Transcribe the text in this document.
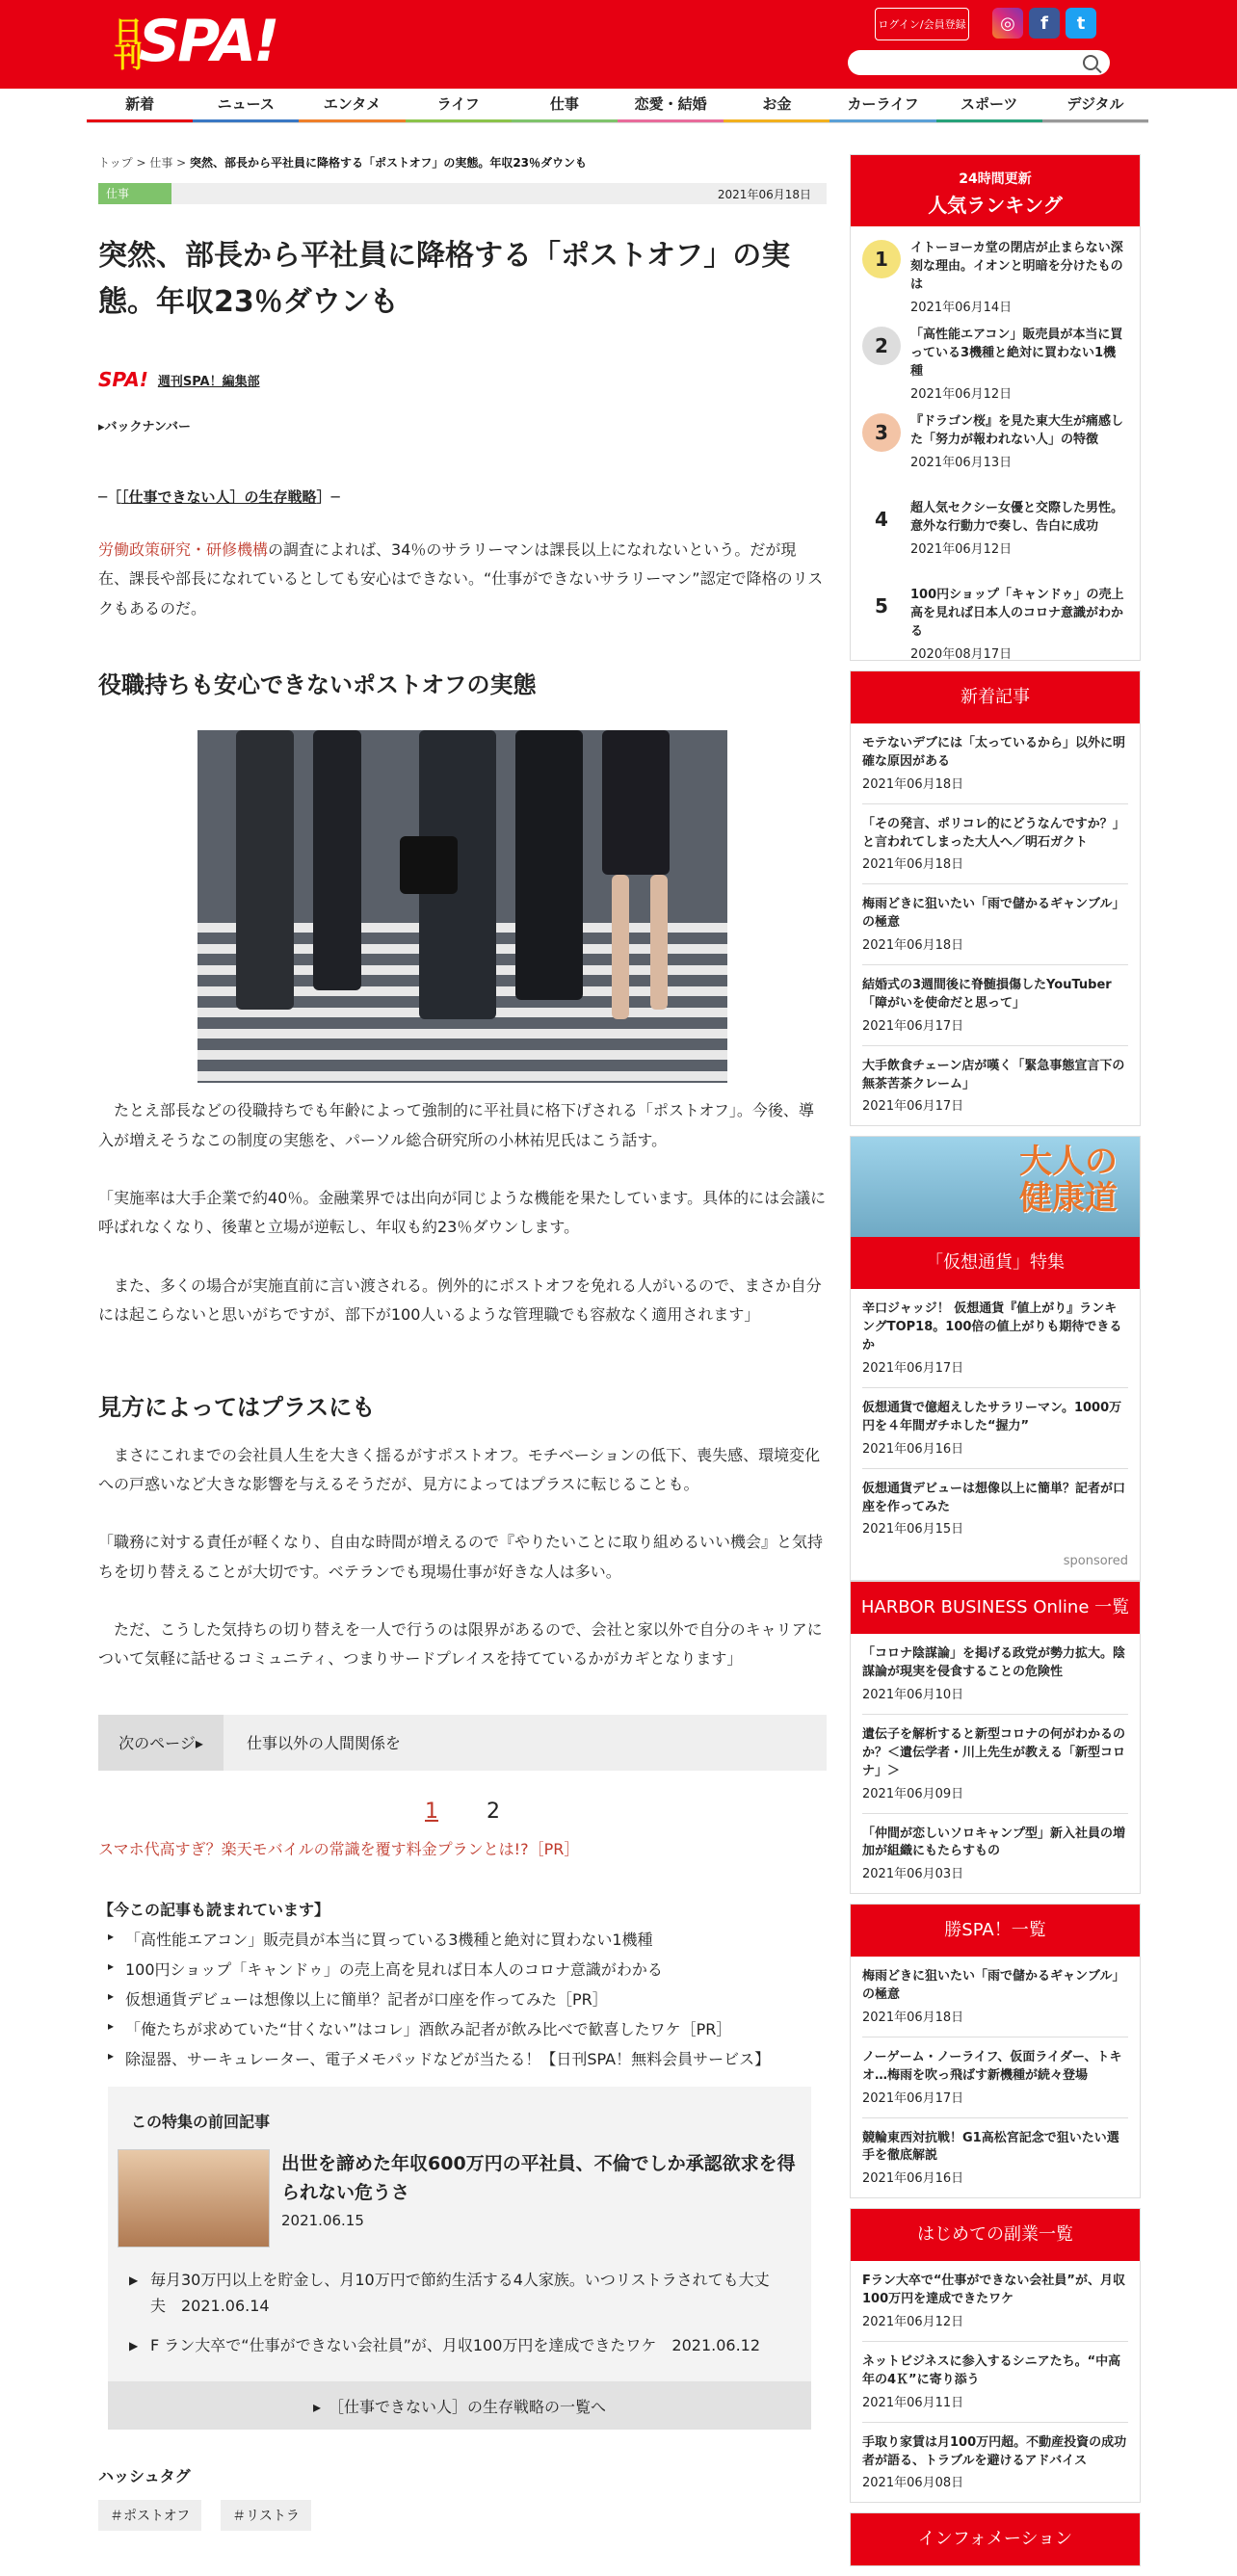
日刊
SPA!	ログイン/会員登録	◎	f	t
新着	ニュース	エンタメ	ライフ	仕事	恋愛・結婚	お金	カーライフ	スポーツ	デジタル
トップ > 仕事 > 突然、部長から平社員に降格する「ポストオフ」の実態。年収23％ダウンも
仕事	2021年06月18日
突然、部長から平社員に降格する「ポストオフ」の実態。年収23％ダウンも
SPA! 週刊SPA！編集部
▸バックナンバー
─［［仕事できない人］の生存戦略］─

労働政策研究・研修機構の調査によれば、34％のサラリーマンは課長以上になれないという。だが現在、課長や部長になれているとしても安心はできない。“仕事ができないサラリーマン”認定で降格のリスクもあるのだ。

役職持ちも安心できないポストオフの実態

　たとえ部長などの役職持ちでも年齢によって強制的に平社員に格下げされる「ポストオフ」。今後、導入が増えそうなこの制度の実態を、パーソル総合研究所の小林祐児氏はこう話す。

「実施率は大手企業で約40％。金融業界では出向が同じような機能を果たしています。具体的には会議に呼ばれなくなり、後輩と立場が逆転し、年収も約23％ダウンします。

　また、多くの場合が実施直前に言い渡される。例外的にポストオフを免れる人がいるので、まさか自分には起こらないと思いがちですが、部下が100人いるような管理職でも容赦なく適用されます」

見方によってはプラスにも

　まさにこれまでの会社員人生を大きく揺るがすポストオフ。モチベーションの低下、喪失感、環境変化への戸惑いなど大きな影響を与えるそうだが、見方によってはプラスに転じることも。

「職務に対する責任が軽くなり、自由な時間が増えるので『やりたいことに取り組めるいい機会』と気持ちを切り替えることが大切です。ベテランでも現場仕事が好きな人は多い。

　ただ、こうした気持ちの切り替えを一人で行うのは限界があるので、会社と家以外で自分のキャリアについて気軽に話せるコミュニティ、つまりサードプレイスを持てているかがカギとなります」

次のページ▸	仕事以外の人間関係を
1 2
スマホ代高すぎ？楽天モバイルの常識を覆す料金プランとは!?［PR］
【今この記事も読まれています】
▸ 「高性能エアコン」販売員が本当に買っている3機種と絶対に買わない1機種
▸ 100円ショップ「キャンドゥ」の売上高を見れば日本人のコロナ意識がわかる
▸ 仮想通貨デビューは想像以上に簡単？記者が口座を作ってみた［PR］
▸ 「俺たちが求めていた“甘くない”はコレ」酒飲み記者が飲み比べで歓喜したワケ［PR］
▸ 除湿器、サーキュレーター、電子メモパッドなどが当たる！【日刊SPA！無料会員サービス】
この特集の前回記事
出世を諦めた年収600万円の平社員、不倫でしか承認欲求を得られない危うさ
2021.06.15
▶ 毎月30万円以上を貯金し、月10万円で節約生活する4人家族。いつリストラされても大丈夫　2021.06.14
▶ F ラン大卒で“仕事ができない会社員”が、月収100万円を達成できたワケ　2021.06.12
▸　［仕事できない人］の生存戦略の一覧へ
ハッシュタグ
＃ポストオフ	＃リストラ
24時間更新
人気ランキング
1	イトーヨーカ堂の閉店が止まらない深刻な理由。イオンと明暗を分けたものは
2021年06月14日
2	「高性能エアコン」販売員が本当に買っている3機種と絶対に買わない1機種
2021年06月12日
3	『ドラゴン桜』を見た東大生が痛感した「努力が報われない人」の特徴
2021年06月13日
4	超人気セクシー女優と交際した男性。意外な行動力で奏し、告白に成功
2021年06月12日
5	100円ショップ「キャンドゥ」の売上高を見れば日本人のコロナ意識がわかる
2020年08月17日
新着記事
モテないデブには「太っているから」以外に明確な原因がある
2021年06月18日
「その発言、ポリコレ的にどうなんですか？」と言われてしまった大人へ／明石ガクト
2021年06月18日
梅雨どきに狙いたい「雨で儲かるギャンブル」の極意
2021年06月18日
結婚式の3週間後に脊髄損傷したYouTuber「障がいを使命だと思って」
2021年06月17日
大手飲食チェーン店が嘆く「緊急事態宣言下の無茶苦茶クレーム」
2021年06月17日
大人の健康道
「仮想通貨」特集
辛口ジャッジ！ 仮想通貨『値上がり』ランキングTOP18。100倍の値上がりも期待できるか
2021年06月17日
仮想通貨で億超えしたサラリーマン。1000万円を４年間ガチホした“握力”
2021年06月16日
仮想通貨デビューは想像以上に簡単？記者が口座を作ってみた
2021年06月15日
sponsored
HARBOR BUSINESS Online 一覧
「コロナ陰謀論」を掲げる政党が勢力拡大。陰謀論が現実を侵食することの危険性
2021年06月10日
遺伝子を解析すると新型コロナの何がわかるのか？＜遺伝学者・川上先生が教える「新型コロナ」＞
2021年06月09日
「仲間が恋しいソロキャンプ型」新入社員の増加が組織にもたらすもの
2021年06月03日
勝SPA！一覧
梅雨どきに狙いたい「雨で儲かるギャンブル」の極意
2021年06月18日
ノーゲーム・ノーライフ、仮面ライダー、トキオ…梅雨を吹っ飛ばす新機種が続々登場
2021年06月17日
競輪東西対抗戦！G1高松宮記念で狙いたい選手を徹底解説
2021年06月16日
はじめての副業一覧
Fラン大卒で“仕事ができない会社員”が、月収100万円を達成できたワケ
2021年06月12日
ネットビジネスに参入するシニアたち。“中高年の4Ｋ”に寄り添う
2021年06月11日
手取り家賃は月100万円超。不動産投資の成功者が語る、トラブルを避けるアドバイス
2021年06月08日
インフォメーション
